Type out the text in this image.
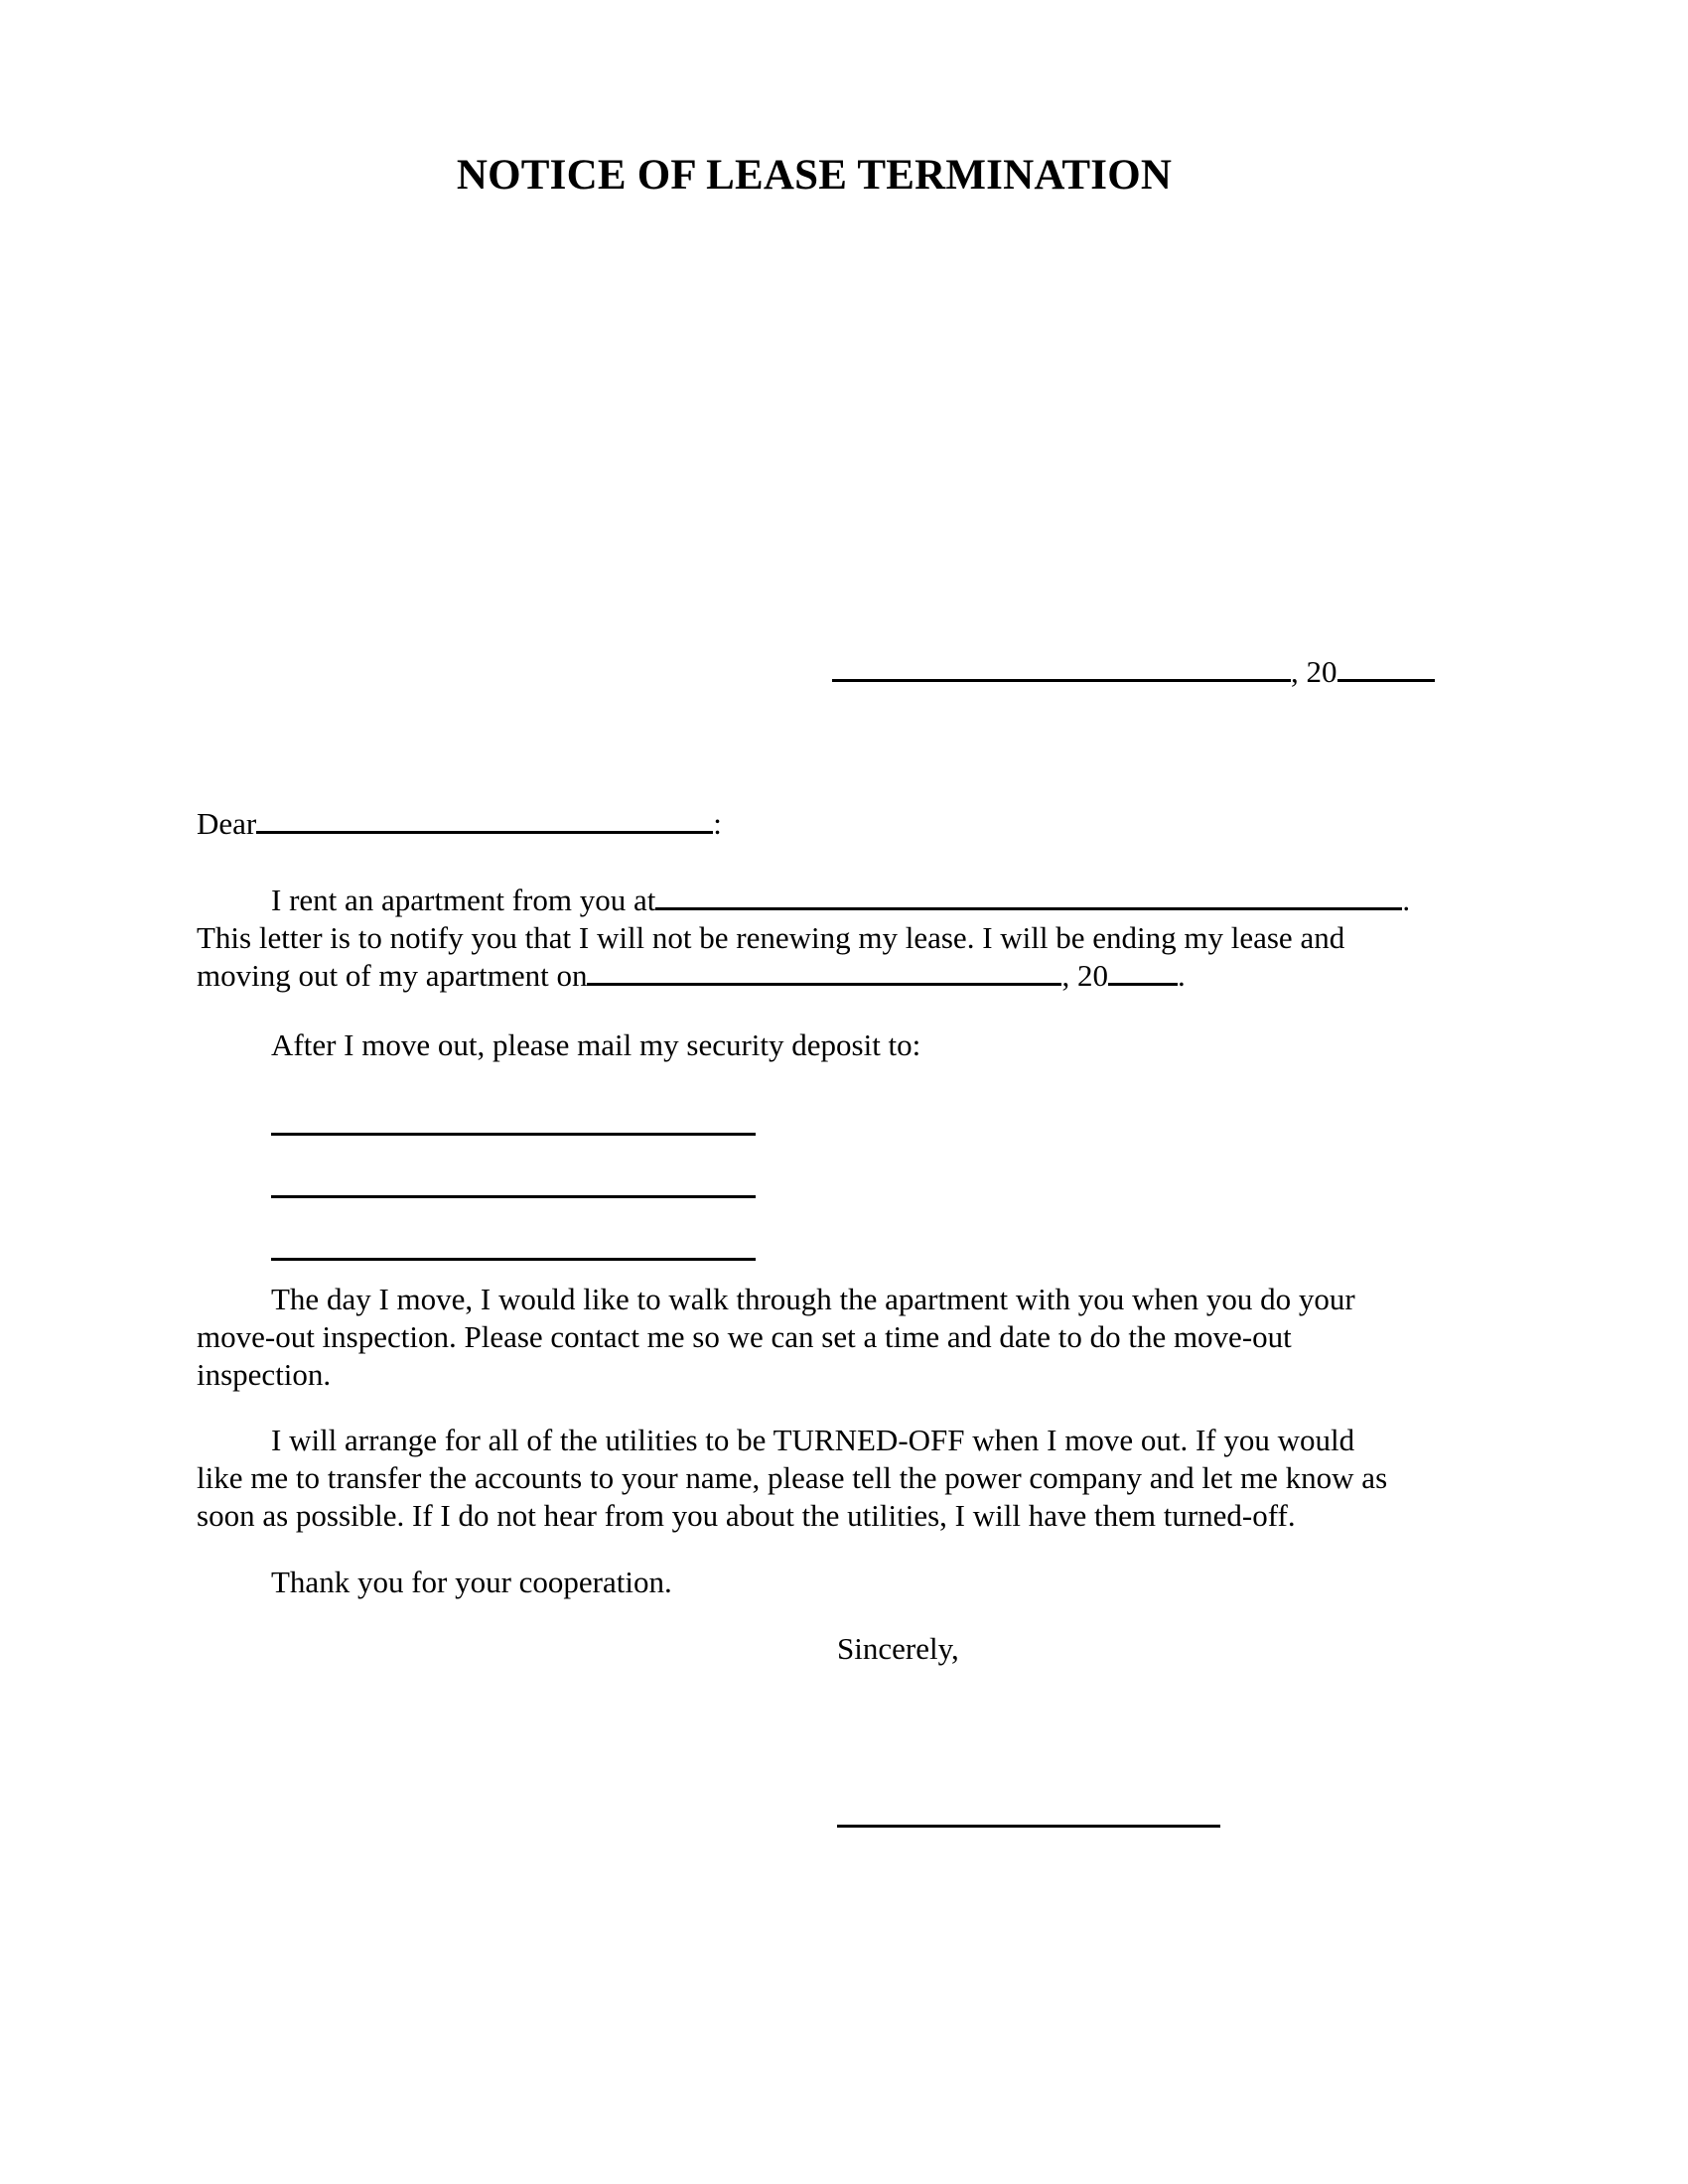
NOTICE OF LEASE TERMINATION
, 20
Dear	:
I rent an apartment from you at	.
This letter is to notify you that I will not be renewing my lease. I will be ending my lease and
moving out of my apartment on	, 20 .
After I move out, please mail my security deposit to:
The day I move, I would like to walk through the apartment with you when you do your
move-out inspection. Please contact me so we can set a time and date to do the move-out
inspection.
I will arrange for all of the utilities to be TURNED-OFF when I move out. If you would
like me to transfer the accounts to your name, please tell the power company and let me know as
soon as possible. If I do not hear from you about the utilities, I will have them turned-off.
Thank you for your cooperation.
Sincerely,
